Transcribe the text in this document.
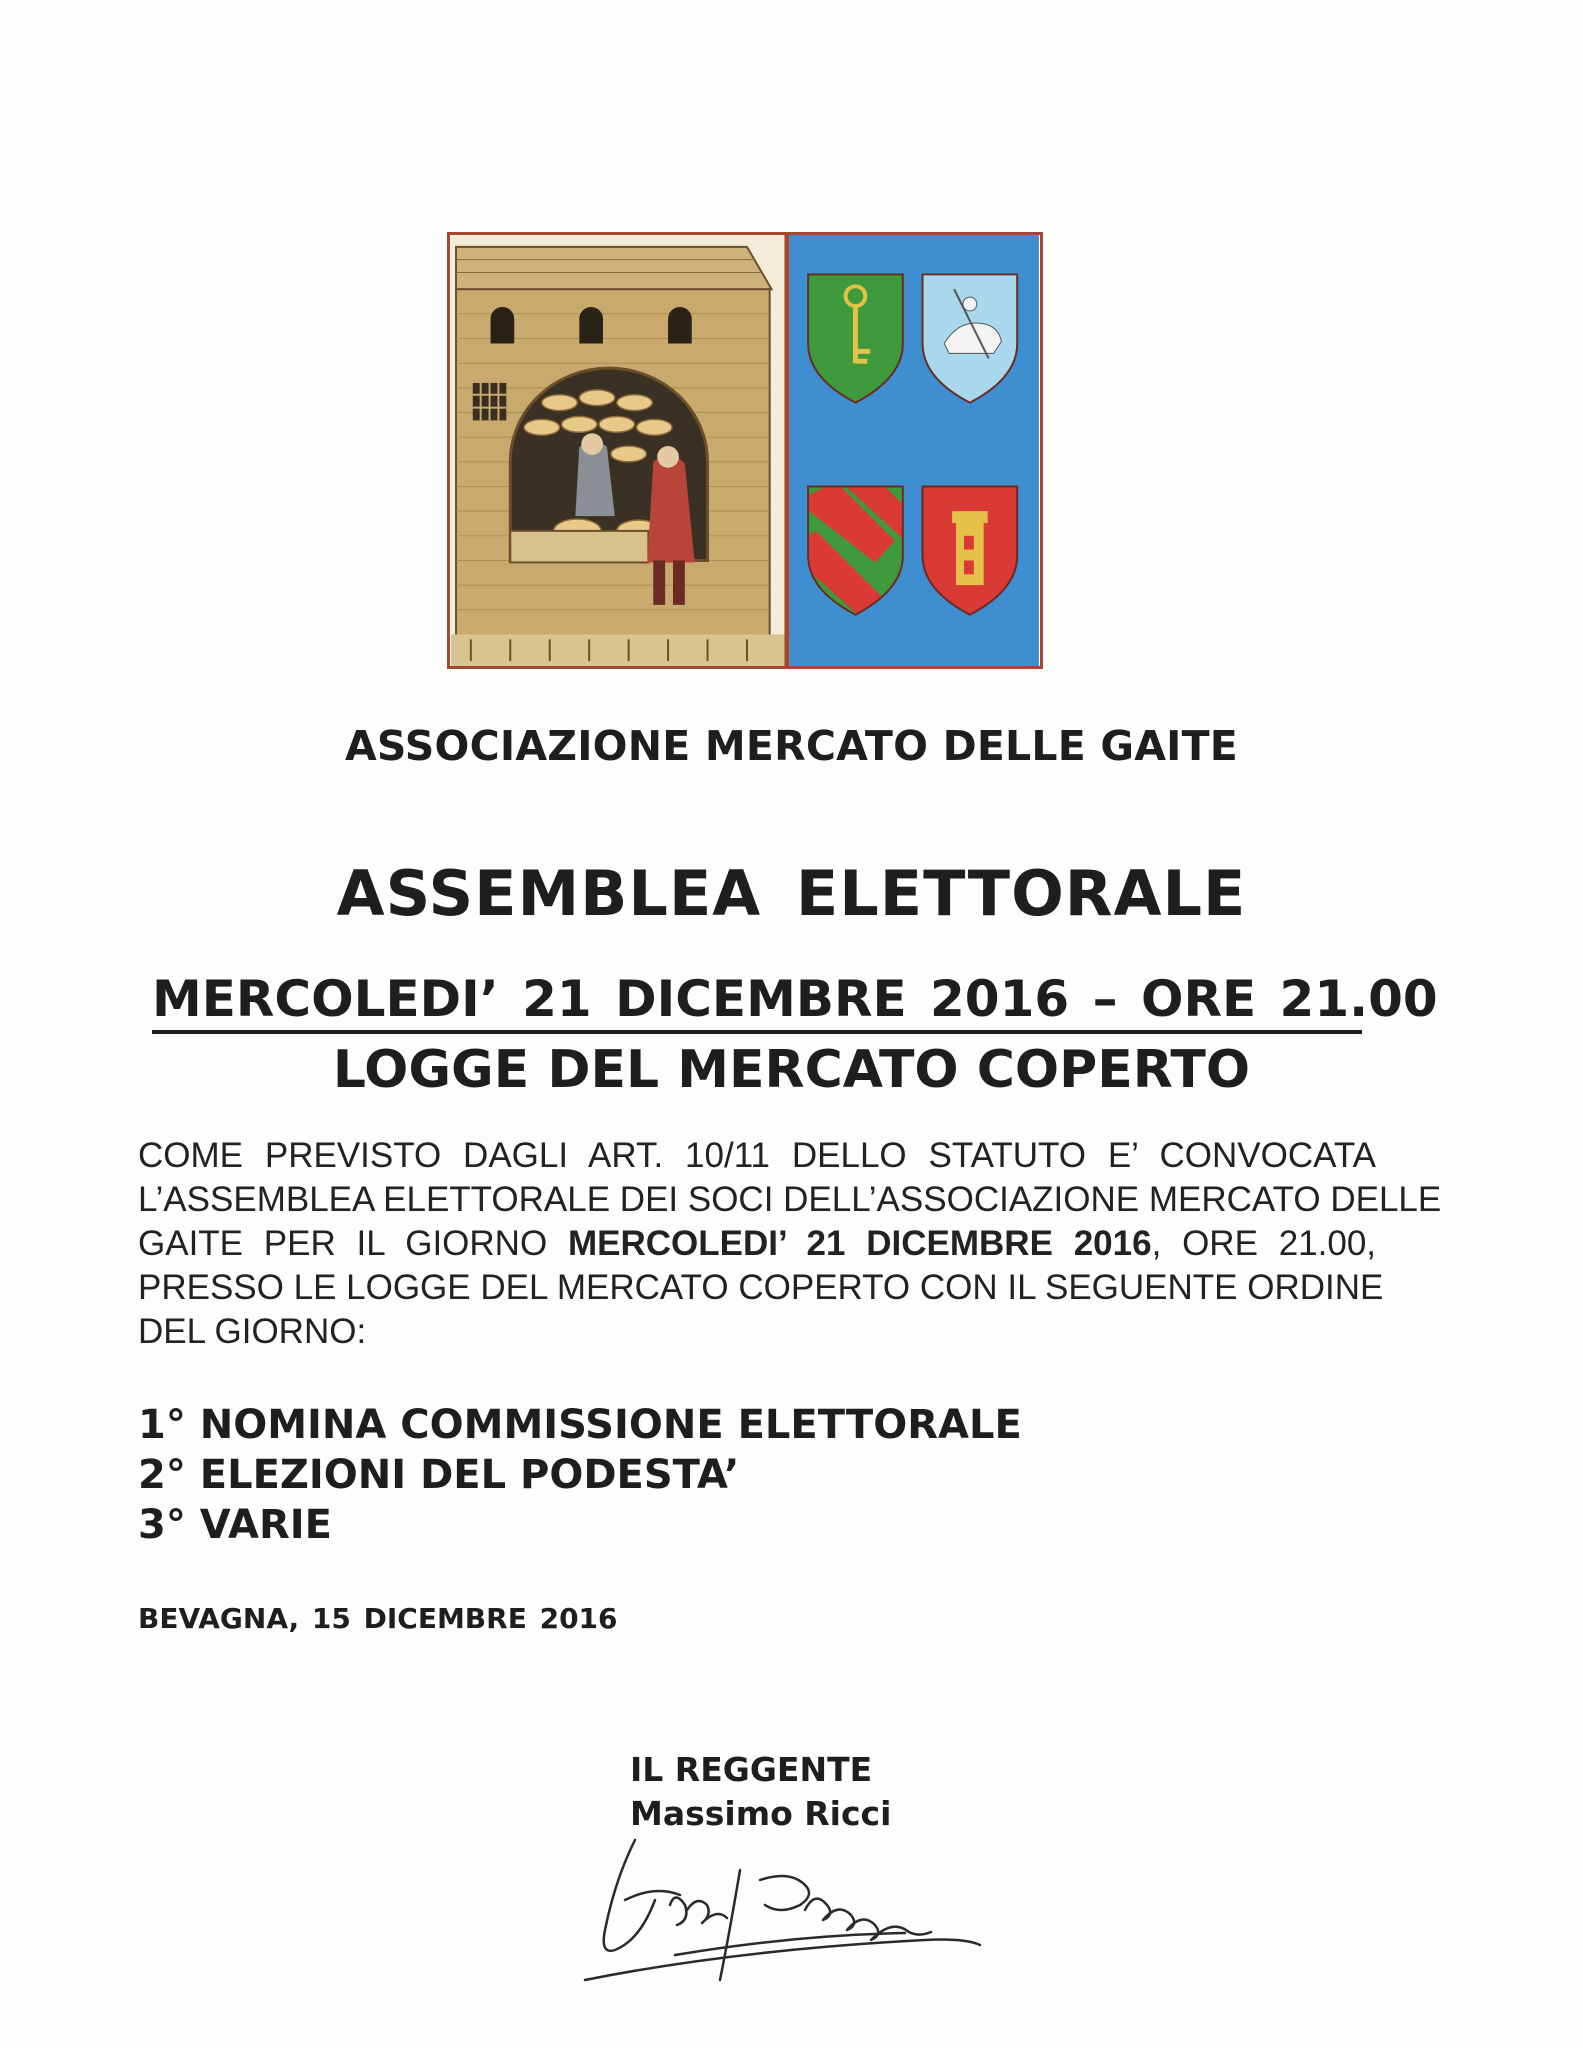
ASSOCIAZIONE MERCATO DELLE GAITE
ASSEMBLEA ELETTORALE
MERCOLEDI’ 21 DICEMBRE 2016 – ORE 21.00
LOGGE DEL MERCATO COPERTO

COME PREVISTO DAGLI ART. 10/11 DELLO STATUTO E’ CONVOCATA
L’ASSEMBLEA ELETTORALE DEI SOCI DELL’ASSOCIAZIONE MERCATO DELLE
GAITE PER IL GIORNO MERCOLEDI’ 21 DICEMBRE 2016, ORE 21.00,
PRESSO LE LOGGE DEL MERCATO COPERTO CON IL SEGUENTE ORDINE
DEL GIORNO:

1° NOMINA COMMISSIONE ELETTORALE
2° ELEZIONI DEL PODESTA’
3° VARIE
BEVAGNA, 15 DICEMBRE 2016
IL REGGENTE
Massimo Ricci
